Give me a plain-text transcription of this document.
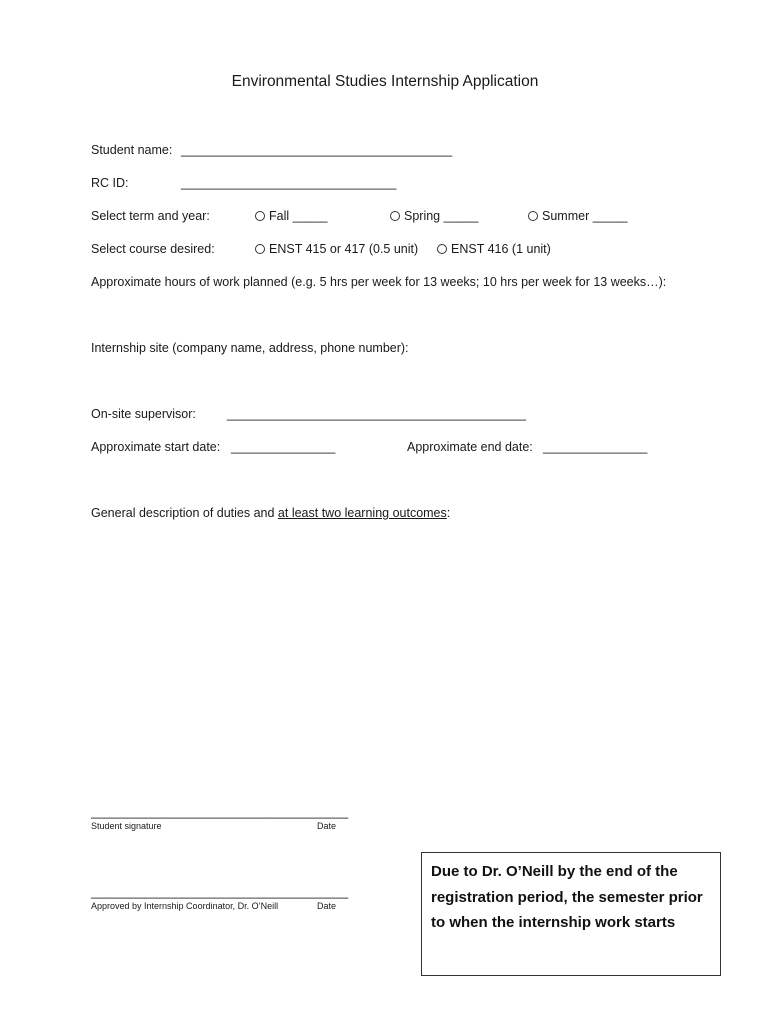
Environmental Studies Internship Application
Student name: _______________________________________
RC ID:	_______________________________
Select term and year:	Fall _____	Spring _____	Summer _____
Select course desired:	ENST 415 or 417 (0.5 unit)	ENST 416 (1 unit)
Approximate hours of work planned (e.g. 5 hrs per week for 13 weeks; 10 hrs per week for 13 weeks…):
Internship site (company name, address, phone number):
On-site supervisor: ___________________________________________
Approximate start date: _______________	Approximate end date: _______________
General description of duties and at least two learning outcomes:
_____________________________________
Student signature	Date
_____________________________________
Approved by Internship Coordinator, Dr. O’Neill	Date
Due to Dr. O’Neill by the end of the registration period, the semester prior to when the internship work starts
